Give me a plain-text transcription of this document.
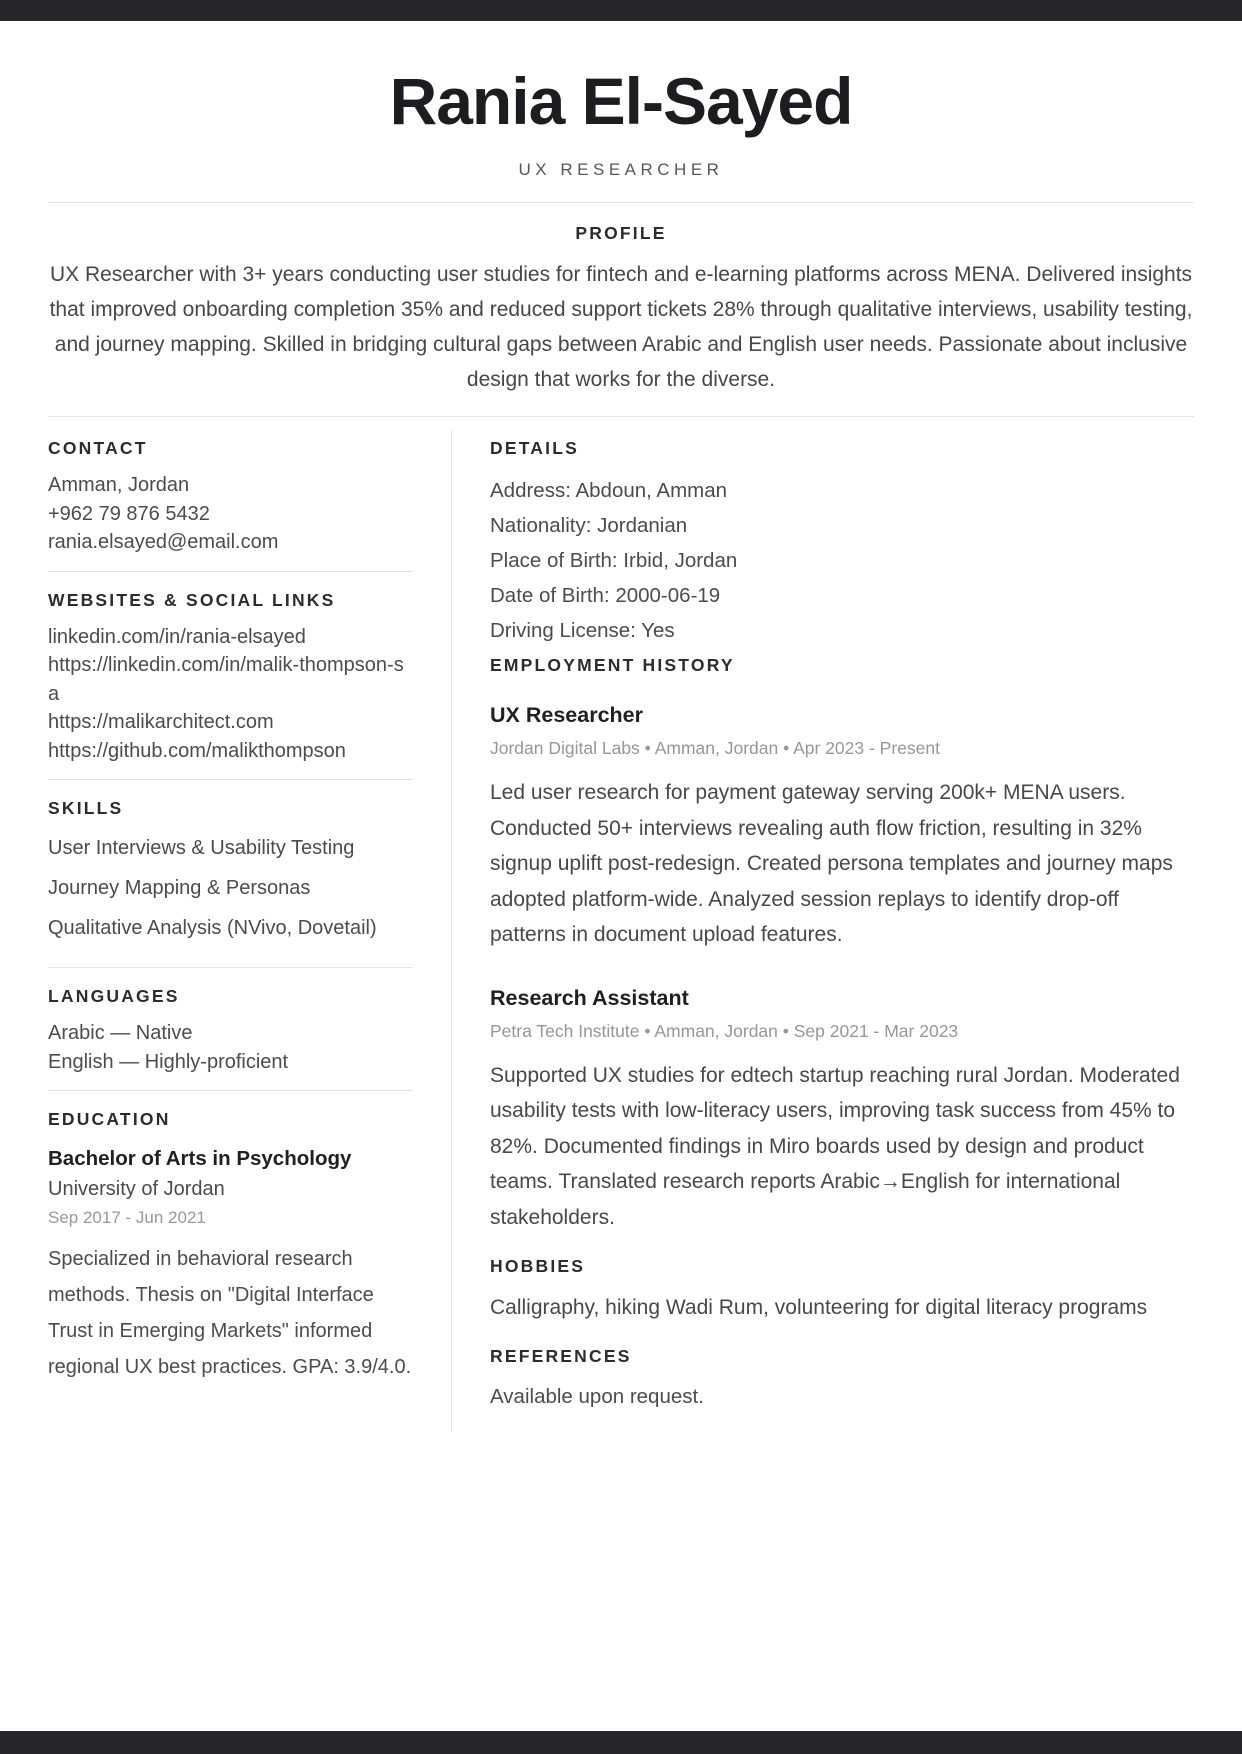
Rania El-Sayed
UX RESEARCHER
PROFILE

UX Researcher with 3+ years conducting user studies for fintech and e-learning platforms across MENA. Delivered insights that improved onboarding completion 35% and reduced support tickets 28% through qualitative interviews, usability testing, and journey mapping. Skilled in bridging cultural gaps between Arabic and English user needs. Passionate about inclusive design that works for the diverse.

CONTACT
Amman, Jordan
+962 79 876 5432
rania.elsayed@email.com
WEBSITES & SOCIAL LINKS
linkedin.com/in/rania-elsayed
https://linkedin.com/in/malik-thompson-sa
https://malikarchitect.com
https://github.com/malikthompson
SKILLS
User Interviews & Usability Testing
Journey Mapping & Personas
Qualitative Analysis (NVivo, Dovetail)
LANGUAGES
Arabic — Native
English — Highly-proficient
EDUCATION
Bachelor of Arts in Psychology
University of Jordan
Sep 2017 - Jun 2021

Specialized in behavioral research methods. Thesis on "Digital Interface Trust in Emerging Markets" informed regional UX best practices. GPA: 3.9/4.0.

DETAILS
Address: Abdoun, Amman
Nationality: Jordanian
Place of Birth: Irbid, Jordan
Date of Birth: 2000-06-19
Driving License: Yes
EMPLOYMENT HISTORY
UX Researcher
Jordan Digital Labs • Amman, Jordan • Apr 2023 - Present

Led user research for payment gateway serving 200k+ MENA users. Conducted 50+ interviews revealing auth flow friction, resulting in 32% signup uplift post-redesign. Created persona templates and journey maps adopted platform-wide. Analyzed session replays to identify drop-off patterns in document upload features.

Research Assistant
Petra Tech Institute • Amman, Jordan • Sep 2021 - Mar 2023

Supported UX studies for edtech startup reaching rural Jordan. Moderated usability tests with low-literacy users, improving task success from 45% to 82%. Documented findings in Miro boards used by design and product teams. Translated research reports Arabic→English for international stakeholders.

HOBBIES

Calligraphy, hiking Wadi Rum, volunteering for digital literacy programs

REFERENCES

Available upon request.
